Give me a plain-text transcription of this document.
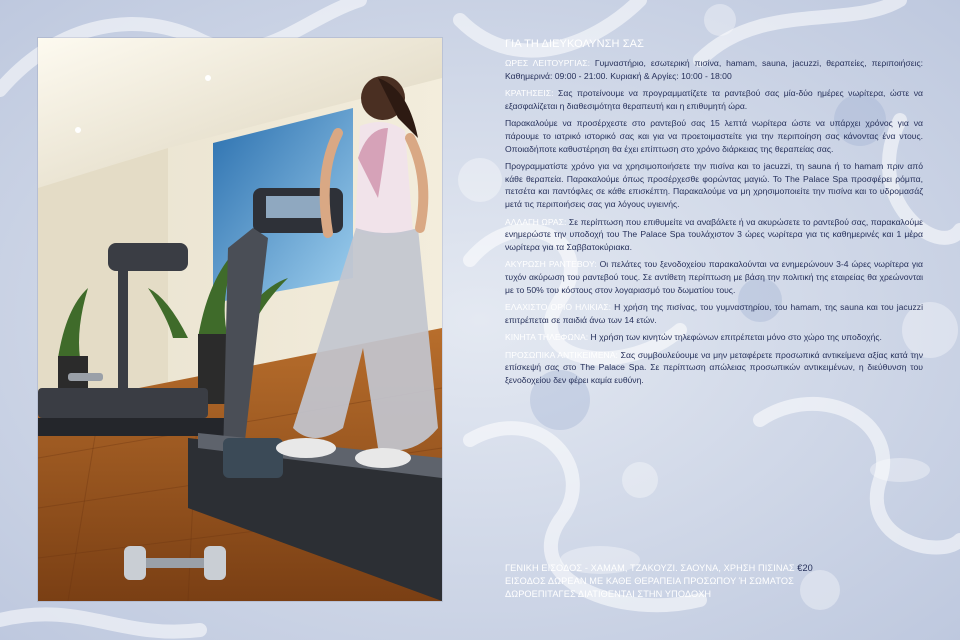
ΓΙΑ ΤΗ ΔΙΕΥΚΟΛΥΝΣΗ ΣΑΣ

ΩΡΕΣ ΛΕΙΤΟΥΡΓΙΑΣ: Γυμναστήριο, εσωτερική πισίνα, hamam, sauna, jacuzzi, θεραπείες, περιποιήσεις: Καθημερινά: 09:00 - 21:00. Κυριακή & Αργίες: 10:00 - 18:00

ΚΡΑΤΗΣΕΙΣ: Σας προτείνουμε να προγραμματίζετε τα ραντεβού σας μία-δύο ημέρες νωρίτερα, ώστε να εξασφαλίζεται η διαθεσιμότητα θεραπευτή και η επιθυμητή ώρα.

Παρακαλούμε να προσέρχεστε στο ραντεβού σας 15 λεπτά νωρίτερα ώστε να υπάρχει χρόνος για να πάρουμε το ιατρικό ιστορικό σας και για να προετοιμαστείτε για την περιποίηση σας κάνοντας ένα ντους. Οποιαδήποτε καθυστέρηση θα έχει επίπτωση στο χρόνο διάρκειας της θεραπείας σας.

Προγραμματίστε χρόνο για να χρησιμοποιήσετε την πισίνα και το jacuzzi, τη sauna ή το hamam πριν από κάθε θεραπεία. Παρακαλούμε όπως προσέρχεσθε φορώντας μαγιώ. To The Palace Spa προσφέρει ρόμπα, πετσέτα και παντόφλες σε κάθε επισκέπτη. Παρακαλούμε να μη χρησιμοποιείτε την πισίνα και το υδρομασάζ μετά τις περιποιήσεις σας για λόγους υγιεινής.

ΑΛΛΑΓΗ ΩΡΑΣ: Σε περίπτωση που επιθυμείτε να αναβάλετε ή να ακυρώσετε το ραντεβού σας, παρακαλούμε ενημερώστε την υποδοχή του The Palace Spa τουλάχιστον 3 ώρες νωρίτερα για τις καθημερινές και 1 μέρα νωρίτερα για τα Σαββατοκύριακα.

ΑΚΥΡΩΣΗ ΡΑΝΤΕΒΟΥ: Οι πελάτες του ξενοδοχείου παρακαλούνται να ενημερώνουν 3-4 ώρες νωρίτερα για τυχόν ακύρωση του ραντεβού τους. Σε αντίθετη περίπτωση με βάση την πολιτική της εταιρείας θα χρεώνονται με το 50% του κόστους στον λογαριασμό του δωματίου τους.

ΕΛΑΧΙΣΤΟ ΟΡΙΟ ΗΛΙΚΙΑΣ: Η χρήση της πισίνας, του γυμναστηρίου, του hamam, της sauna και του jacuzzi επιτρέπεται σε παιδιά άνω των 14 ετών.

ΚΙΝΗΤΑ ΤΗΛΕΦΩΝΑ: Η χρήση των κινητών τηλεφώνων επιτρέπεται μόνο στο χώρο της υποδοχής.

ΠΡΟΣΩΠΙΚΑ ΑΝΤΙΚΕΙΜΕΝΑ: Σας συμβουλεύουμε να μην μεταφέρετε προσωπικά αντικείμενα αξίας κατά την επίσκεψή σας στο The Palace Spa. Σε περίπτωση απώλειας προσωπικών αντικειμένων, η διεύθυνση του ξενοδοχείου δεν φέρει καμία ευθύνη.

ΓΕΝΙΚΗ ΕΙΣΟΔΟΣ - ΧΑΜΑΜ, ΤΖΑΚΟΥΖΙ. ΣΑΟΥΝΑ, ΧΡΗΣΗ ΠΙΣΙΝΑΣ €20
ΕΙΣΟΔΟΣ ΔΩΡΕΑΝ ΜΕ ΚΑΘΕ ΘΕΡΑΠΕΙΑ ΠΡΟΣΩΠΟΥ Ή ΣΩΜΑΤΟΣ
ΔΩΡΟΕΠΙΤΑΓΕΣ ΔΙΑΤΙΘΕΝΤΑΙ ΣΤΗΝ ΥΠΟΔΟΧΗ
